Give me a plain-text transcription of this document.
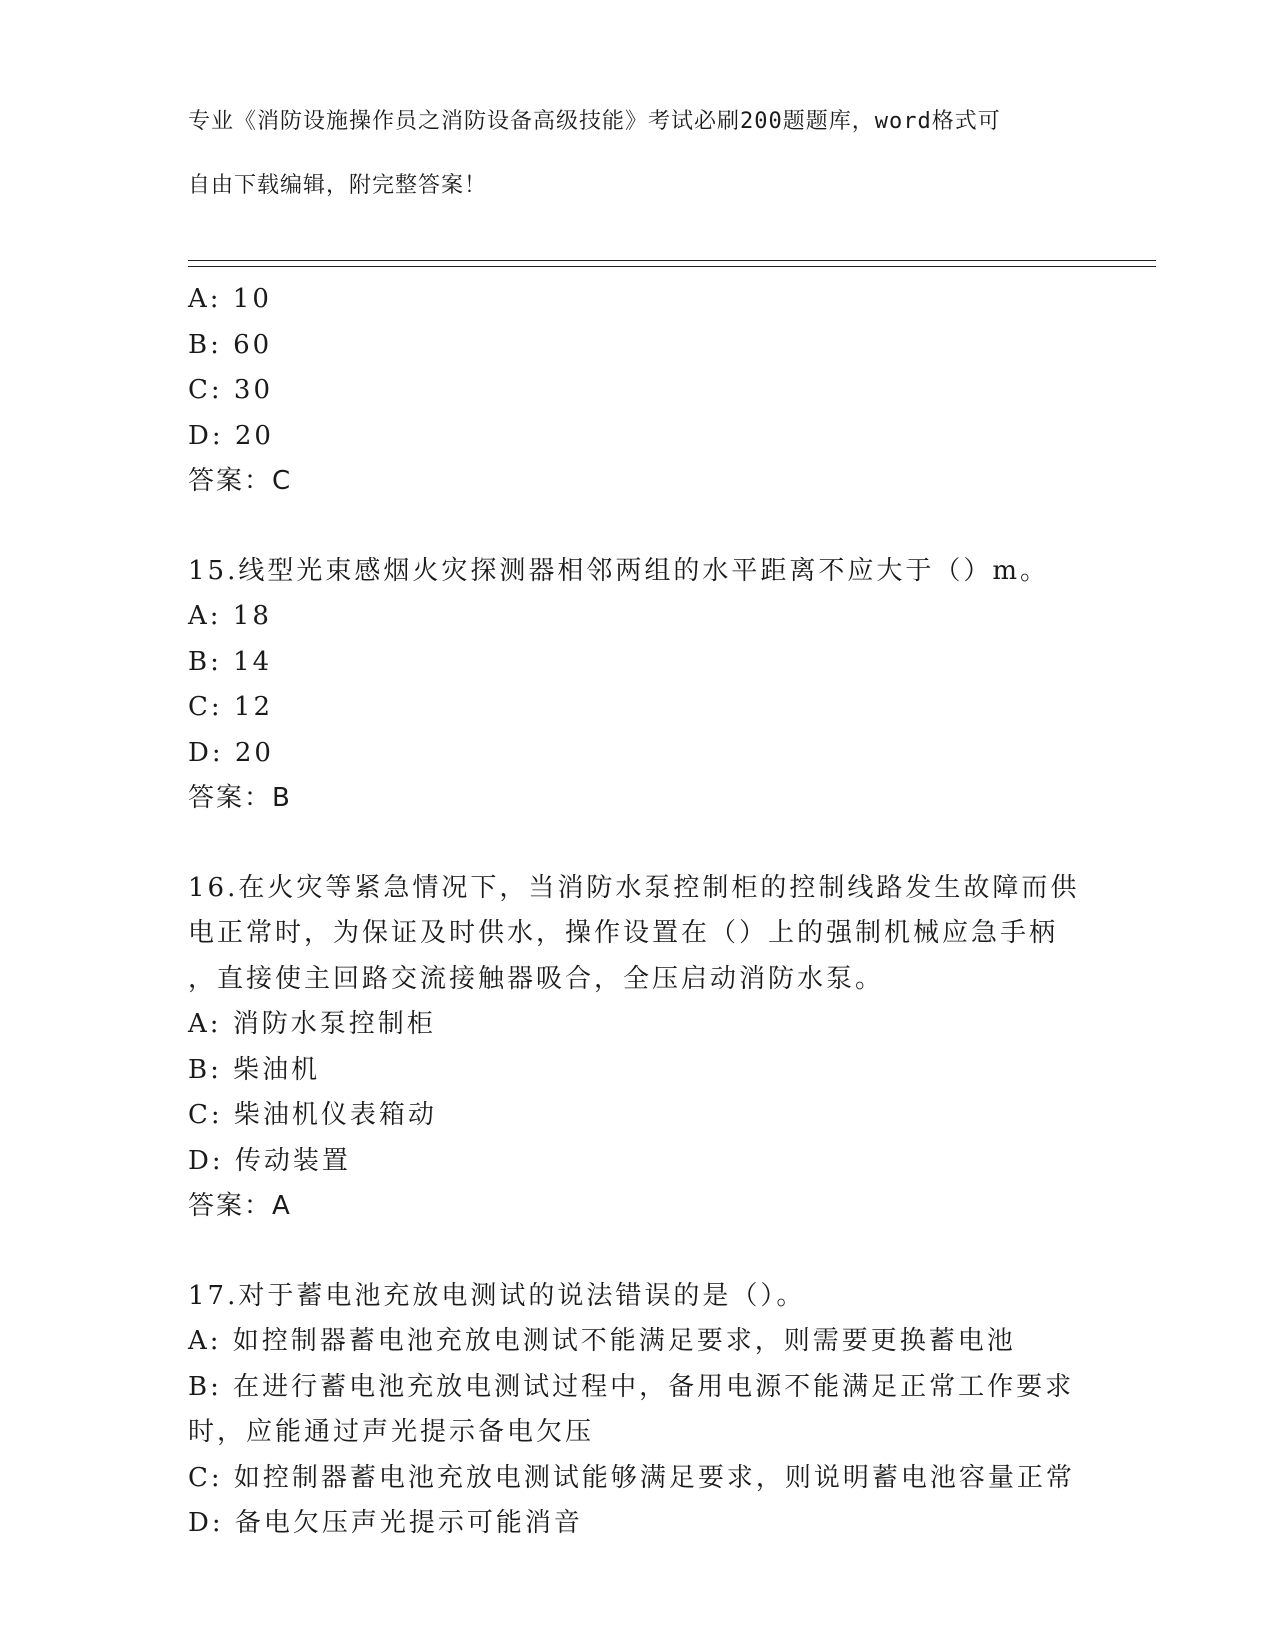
专业《消防设施操作员之消防设备高级技能》考试必刷200题题库，word格式可

自由下载编辑，附完整答案！

A: 10
B: 60
C: 30
D: 20
答案：C
15.线型光束感烟火灾探测器相邻两组的水平距离不应大于（）m。
A: 18
B: 14
C: 12
D: 20
答案：B
16.在火灾等紧急情况下，当消防水泵控制柜的控制线路发生故障而供
电正常时，为保证及时供水，操作设置在（）上的强制机械应急手柄
，直接使主回路交流接触器吸合，全压启动消防水泵。
A: 消防水泵控制柜
B: 柴油机
C: 柴油机仪表箱动
D: 传动装置
答案：A
17.对于蓄电池充放电测试的说法错误的是（）。
A: 如控制器蓄电池充放电测试不能满足要求，则需要更换蓄电池
B: 在进行蓄电池充放电测试过程中，备用电源不能满足正常工作要求
时，应能通过声光提示备电欠压
C: 如控制器蓄电池充放电测试能够满足要求，则说明蓄电池容量正常
D: 备电欠压声光提示可能消音
